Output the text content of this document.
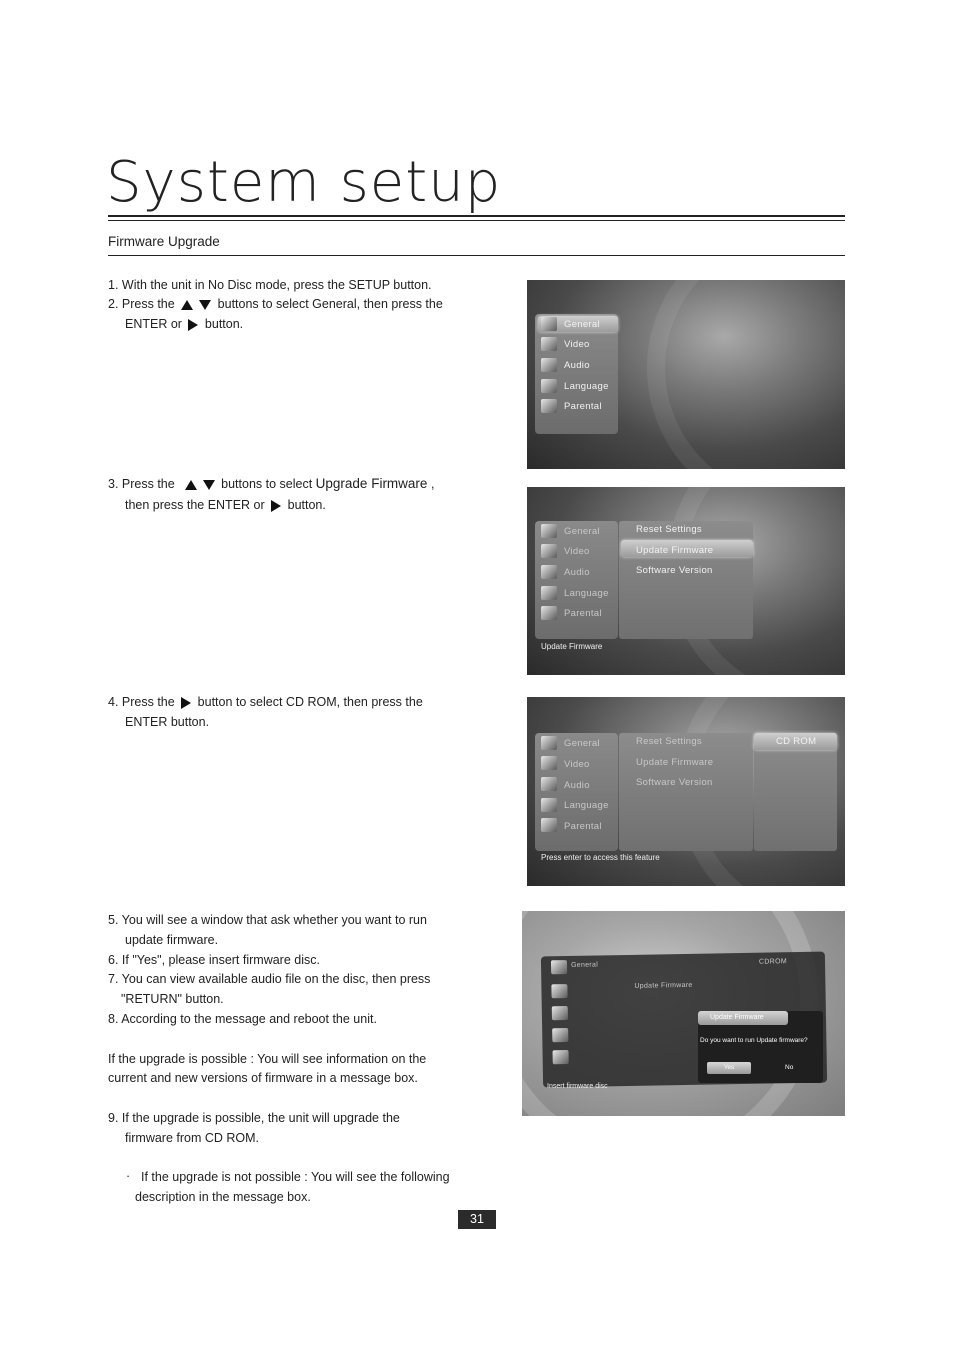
System setup
Firmware Upgrade
1. With the unit in No Disc mode, press the SETUP button.
2. Press the	buttons to select General, then press the
ENTER or button.
3. Press the	buttons to select Upgrade Firmware ,
then press the ENTER or button.
4. Press the button to select CD ROM, then press the
ENTER button.
5. You will see a window that ask whether you want to run
update firmware.
6. If "Yes", please insert firmware disc.
7. You can view available audio file on the disc, then press
"RETURN" button.
8. According to the message and reboot the unit.
If the upgrade is possible : You will see information on the
current and new versions of firmware in a message box.
9. If the upgrade is possible, the unit will upgrade the
firmware from CD ROM.
· If the upgrade is not possible : You will see the following
description in the message box.
General
Video
Audio
Language
Parental
General
Video
Audio
Language
Parental
Reset Settings
Update Firmware
Software Version
Update Firmware
General
Video
Audio
Language
Parental
Reset Settings
Update Firmware
Software Version
CD ROM
Press enter to access this feature
General
Update Firmware
CDROM
Update Firmware
Do you want to run Update firmware?
Yes	No
Insert firmware disc
31
